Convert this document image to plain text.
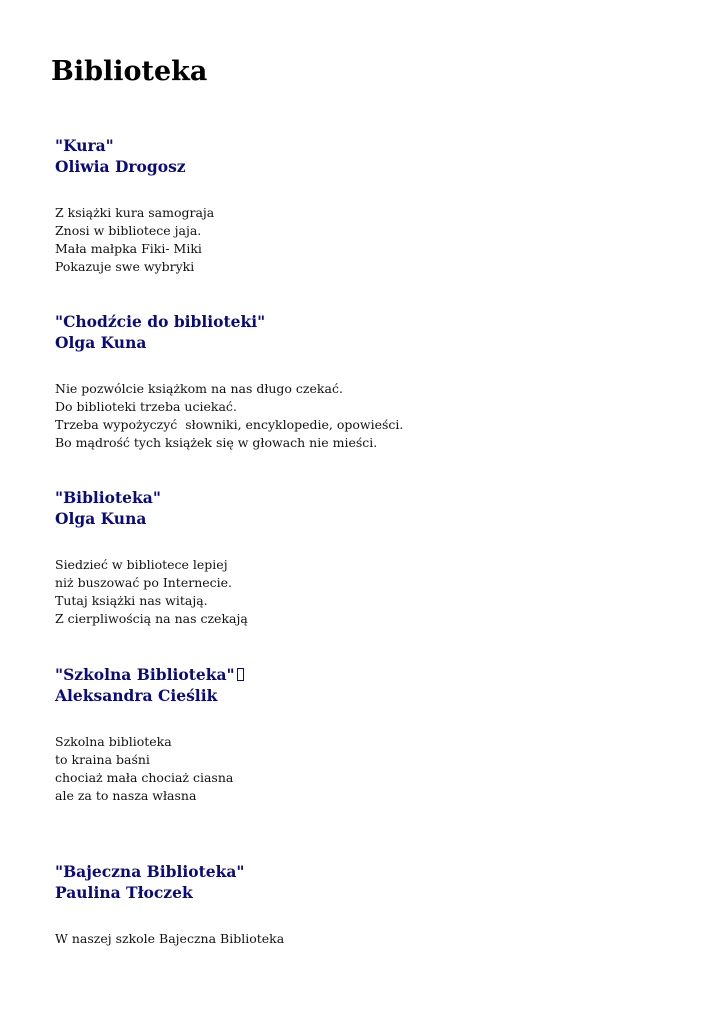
Biblioteka
"Kura"
Oliwia Drogosz
Z książki kura samograja
Znosi w bibliotece jaja.
Mała małpka Fiki- Miki
Pokazuje swe wybryki
"Chodźcie do biblioteki"
Olga Kuna
Nie pozwólcie książkom na nas długo czekać.
Do biblioteki trzeba uciekać.
Trzeba wypożyczyć  słowniki, encyklopedie, opowieści.
Bo mądrość tych książek się w głowach nie mieści.
"Biblioteka"
Olga Kuna
Siedzieć w bibliotece lepiej
niż buszować po Internecie.
Tutaj książki nas witają.
Z cierpliwością na nas czekają
"Szkolna Biblioteka"
Aleksandra Cieślik
Szkolna biblioteka
to kraina baśni
chociaż mała chociaż ciasna
ale za to nasza własna
"Bajeczna Biblioteka"
Paulina Tłoczek
W naszej szkole Bajeczna Biblioteka
